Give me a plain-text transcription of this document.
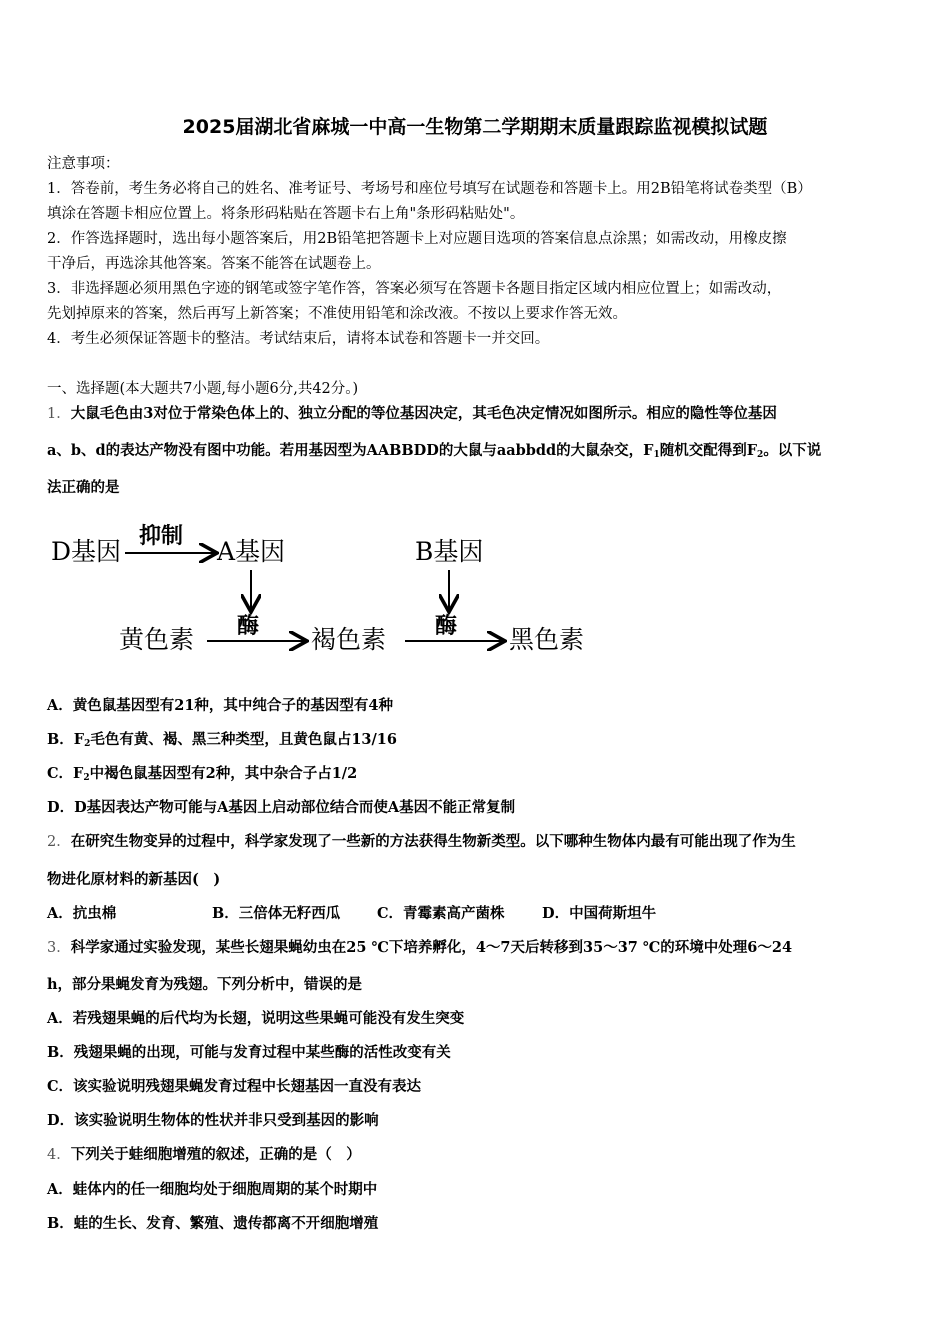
2025届湖北省麻城一中高一生物第二学期期末质量跟踪监视模拟试题
注意事项：
1．答卷前，考生务必将自己的姓名、准考证号、考场号和座位号填写在试题卷和答题卡上。用2B铅笔将试卷类型（B）
填涂在答题卡相应位置上。将条形码粘贴在答题卡右上角"条形码粘贴处"。
2．作答选择题时，选出每小题答案后，用2B铅笔把答题卡上对应题目选项的答案信息点涂黑；如需改动，用橡皮擦
干净后，再选涂其他答案。答案不能答在试题卷上。
3．非选择题必须用黑色字迹的钢笔或签字笔作答，答案必须写在答题卡各题目指定区域内相应位置上；如需改动，
先划掉原来的答案，然后再写上新答案；不准使用铅笔和涂改液。不按以上要求作答无效。
4．考生必须保证答题卡的整洁。考试结束后，请将本试卷和答题卡一并交回。
一、选择题(本大题共7小题,每小题6分,共42分。)
1．大鼠毛色由3对位于常染色体上的、独立分配的等位基因决定，其毛色决定情况如图所示。相应的隐性等位基因
a、b、d的表达产物没有图中功能。若用基因型为AABBDD的大鼠与aabbdd的大鼠杂交，$F_1$随机交配得到$F_2$。以下说
法正确的是
D基因
抑制
A基因	B基因
酶	酶
黄色素	褐色素	黑色素
A．黄色鼠基因型有21种，其中纯合子的基因型有4种
B．$F_2$毛色有黄、褐、黑三种类型，且黄色鼠占13/16
C．$F_2$中褐色鼠基因型有2种，其中杂合子占1/2
D．D基因表达产物可能与A基因上启动部位结合而使A基因不能正常复制
2．在研究生物变异的过程中，科学家发现了一些新的方法获得生物新类型。以下哪种生物体内最有可能出现了作为生
物进化原材料的新基因(　)
A．抗虫棉	B．三倍体无籽西瓜	C．青霉素高产菌株	D．中国荷斯坦牛
3．科学家通过实验发现，某些长翅果蝇幼虫在25 ℃下培养孵化，4～7天后转移到35～37 ℃的环境中处理6～24
h，部分果蝇发育为残翅。下列分析中，错误的是
A．若残翅果蝇的后代均为长翅，说明这些果蝇可能没有发生突变
B．残翅果蝇的出现，可能与发育过程中某些酶的活性改变有关
C．该实验说明残翅果蝇发育过程中长翅基因一直没有表达
D．该实验说明生物体的性状并非只受到基因的影响
4．下列关于蛙细胞增殖的叙述，正确的是（　）
A．蛙体内的任一细胞均处于细胞周期的某个时期中
B．蛙的生长、发育、繁殖、遗传都离不开细胞增殖
